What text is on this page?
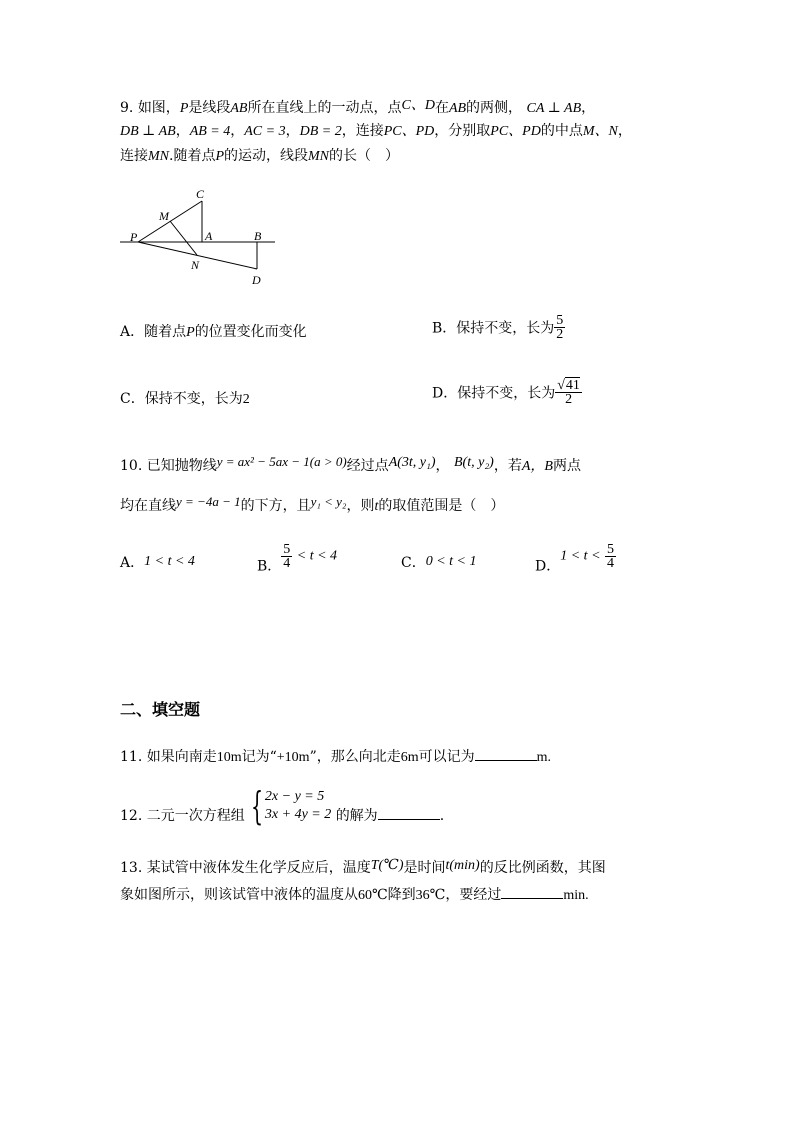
9. 如图，P是线段AB所在直线上的一动点，点C、D在AB的两侧， CA ⊥ AB，
DB ⊥ AB，AB = 4，AC = 3，DB = 2，连接PC、PD，分别取PC、PD的中点M、N，
连接MN.随着点P的运动，线段MN的长（　）
C
M
P	A	B
N
D
A．随着点P的位置变化而变化	B．保持不变，长为 $\frac{5}{2}$
C．保持不变，长为2	D．保持不变，长为 $\frac{√41}{2}$
10. 已知抛物线y = ax² − 5ax − 1(a > 0)经过点A(3t, y₁)， B(t, y₂)，若A，B两点
均在直线y = −4a − 1的下方，且y₁ < y₂，则t的取值范围是（　）
A．1 < t < 4	B． $\frac{5}{4} < t < 4$	C．0 < t < 1	D．$1 < t < \frac{5}{4}$
二、填空题
11. 如果向南走10m记为“+10m”，那么向北走6m可以记为	m.
12. 二元一次方程组 { 2x − y = 5
3x + 4y = 2 的解为	.
13. 某试管中液体发生化学反应后，温度T(℃)是时间t(min)的反比例函数，其图
象如图所示，则该试管中液体的温度从60℃降到36℃，要经过	min.
